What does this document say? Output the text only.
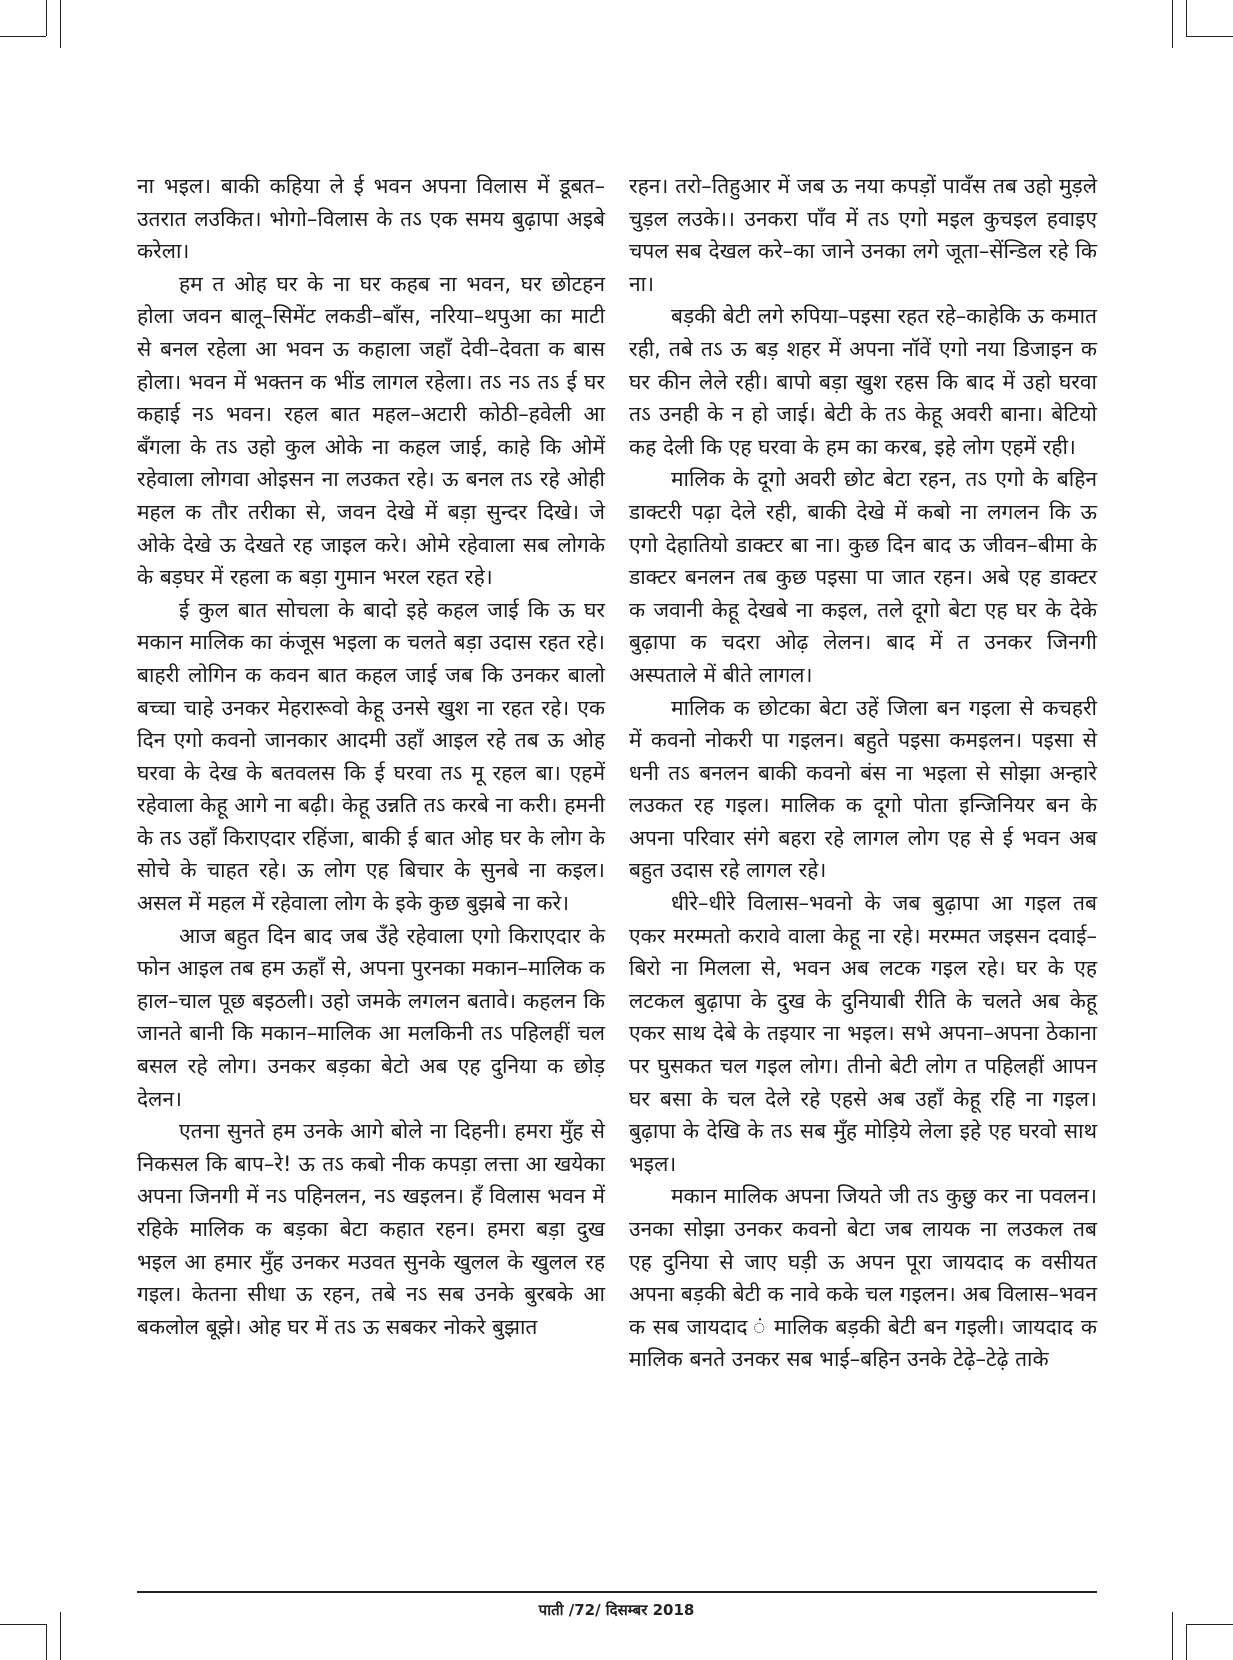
ना भइल। बाकी कहिया ले ई भवन अपना विलास में डूबत–उतरात लउकित। भोगो–विलास के तऽ एक समय बुढ़ापा अइबे करेला।

हम त ओह घर के ना घर कहब ना भवन, घर छोटहन होला जवन बालू–सिमेंट लकडी–बाँस, नरिया–थपुआ का माटी से बनल रहेला आ भवन ऊ कहाला जहाँ देवी–देवता क बास होला। भवन में भक्तन क भींड लागल रहेला। तऽ नऽ तऽ ई घर कहाई नऽ भवन। रहल बात महल–अटारी कोठी–हवेली आ बँगला के तऽ उहो कुल ओके ना कहल जाई, काहे कि ओमें रहेवाला लोगवा ओइसन ना लउकत रहे। ऊ बनल तऽ रहे ओही महल क तौर तरीका से, जवन देखे में बड़ा सुन्दर दिखे। जे ओके देखे ऊ देखते रह जाइल करे। ओमे रहेवाला सब लोगके के बड़घर में रहला क बड़ा गुमान भरल रहत रहे।

ई कुल बात सोचला के बादो इहे कहल जाई कि ऊ घर मकान मालिक का कंजूस भइला क चलते बड़ा उदास रहत रहे। बाहरी लोगिन क कवन बात कहल जाई जब कि उनकर बालो बच्चा चाहे उनकर मेहरारूवो केहू उनसे खुश ना रहत रहे। एक दिन एगो कवनो जानकार आदमी उहाँ आइल रहे तब ऊ ओह घरवा के देख के बतवलस कि ई घरवा तऽ मू रहल बा। एहमें रहेवाला केहू आगे ना बढ़ी। केहू उन्नति तऽ करबे ना करी। हमनी के तऽ उहाँ किराएदार रहिंजा, बाकी ई बात ओह घर के लोग के सोचे के चाहत रहे। ऊ लोग एह बिचार के सुनबे ना कइल। असल में महल में रहेवाला लोग के इके कुछ बुझबे ना करे।

आज बहुत दिन बाद जब उँहे रहेवाला एगो किराएदार के फोन आइल तब हम ऊहाँ से, अपना पुरनका मकान–मालिक क हाल–चाल पूछ बइठली। उहो जमके लगलन बतावे। कहलन कि जानते बानी कि मकान–मालिक आ मलकिनी तऽ पहिलहीं चल बसल रहे लोग। उनकर बड़का बेटो अब एह दुनिया क छोड़ देलन।

एतना सुनते हम उनके आगे बोले ना दिहनी। हमरा मुँह से निकसल कि बाप–रे! ऊ तऽ कबो नीक कपड़ा लत्ता आ खयेका अपना जिनगी में नऽ पहिनलन, नऽ खइलन। हँ विलास भवन में रहिके मालिक क बड़का बेटा कहात रहन। हमरा बड़ा दुख भइल आ हमार मुँह उनकर मउवत सुनके खुलल के खुलल रह गइल। केतना सीधा ऊ रहन, तबे नऽ सब उनके बुरबके आ बकलोल बूझे। ओह घर में तऽ ऊ सबकर नोकरे बुझात

रहन। तरो–तिहुआर में जब ऊ नया कपड़ों पावँस तब उहो मुड़ले चुड़ल लउके।। उनकरा पाँव में तऽ एगो मइल कुचइल हवाइए चपल सब देखल करे–का जाने उनका लगे जूता–सेंन्डिल रहे कि ना।

बड़की बेटी लगे रुपिया–पइसा रहत रहे–काहेकि ऊ कमात रही, तबे तऽ ऊ बड़ शहर में अपना नॉवें एगो नया डिजाइन क घर कीन लेले रही। बापो बड़ा खुश रहस कि बाद में उहो घरवा तऽ उनही के न हो जाई। बेटी के तऽ केहू अवरी बाना। बेटियो कह देली कि एह घरवा के हम का करब, इहे लोग एहमें रही।

मालिक के दूगो अवरी छोट बेटा रहन, तऽ एगो के बहिन डाक्टरी पढ़ा देले रही, बाकी देखे में कबो ना लगलन कि ऊ एगो देहातियो डाक्टर बा ना। कुछ दिन बाद ऊ जीवन–बीमा के डाक्टर बनलन तब कुछ पइसा पा जात रहन। अबे एह डाक्टर क जवानी केहू देखबे ना कइल, तले दूगो बेटा एह घर के देके बुढ़ापा क चदरा ओढ़ लेलन। बाद में त उनकर जिनगी अस्पताले में बीते लागल।

मालिक क छोटका बेटा उहें जिला बन गइला से कचहरी में कवनो नोकरी पा गइलन। बहुते पइसा कमइलन। पइसा से धनी तऽ बनलन बाकी कवनो बंस ना भइला से सोझा अन्हारे लउकत रह गइल। मालिक क दूगो पोता इन्जिनियर बन के अपना परिवार संगे बहरा रहे लागल लोग एह से ई भवन अब बहुत उदास रहे लागल रहे।

धीरे–धीरे विलास–भवनो के जब बुढ़ापा आ गइल तब एकर मरम्मतो करावे वाला केहू ना रहे। मरम्मत जइसन दवाई–बिरो ना मिलला से, भवन अब लटक गइल रहे। घर के एह लटकल बुढ़ापा के दुख के दुनियाबी रीति के चलते अब केहू एकर साथ देबे के तइयार ना भइल। सभे अपना–अपना ठेकाना पर घुसकत चल गइल लोग। तीनो बेटी लोग त पहिलहीं आपन घर बसा के चल देले रहे एहसे अब उहाँ केहू रहि ना गइल। बुढ़ापा के देखि के तऽ सब मुँह मोड़िये लेला इहे एह घरवो साथ भइल।

मकान मालिक अपना जियते जी तऽ कुछु कर ना पवलन। उनका सोझा उनकर कवनो बेटा जब लायक ना लउकल तब एह दुनिया से जाए घड़ी ऊ अपन पूरा जायदाद क वसीयत अपना बड़की बेटी क नावे कके चल गइलन। अब विलास–भवन क सब जायदाद ं मालिक बड़की बेटी बन गइली। जायदाद क मालिक बनते उनकर सब भाई–बहिन उनके टेढ़े–टेढ़े ताके

पाती /72/ दिसम्बर 2018
